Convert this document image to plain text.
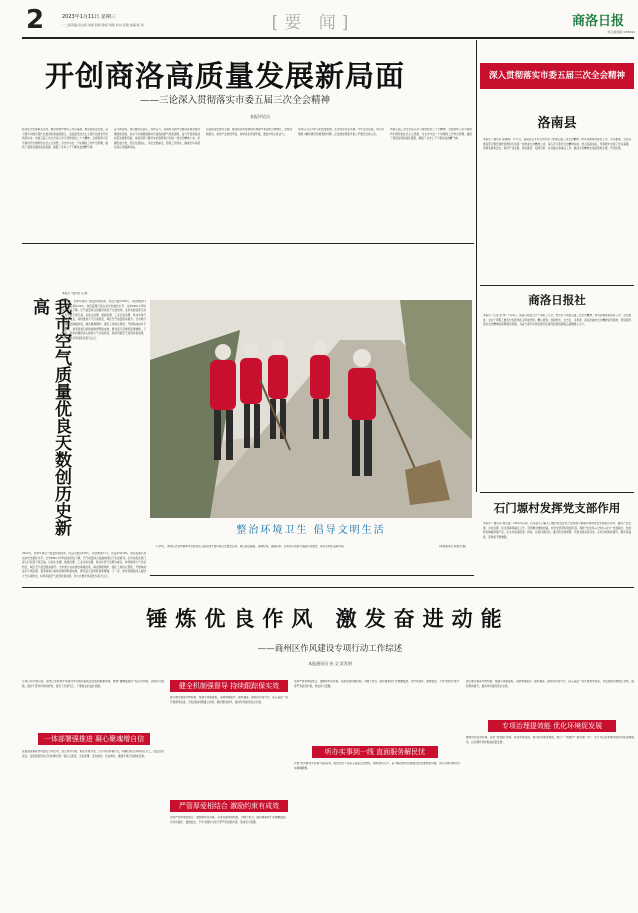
2	2023年1月11日 星期三
一二版责编:袁文莉 刘颖 版版:徐斌 刘颖 校对:张敏 美编:杨 雪	[要 闻]	商洛日报
综合新闻版:238092
开创商洛高质量发展新局面
——三论深入贯彻落实市委五届三次全会精神
本报评论员
经济社会发展事关全局，要坚持稳中求进工作总基调，推动高质量发展，奋力谱写中国式现代化建设的商洛新篇章，全面建设社会主义现代化国家开好局起好步。市委五届三次全会深入学习贯彻党的二十大精神，全面贯彻习近平新时代中国特色社会主义思想，对全市今后一个时期的工作作出部署，描绘了商洛发展的美好蓝图，提振了全市上下干事创业的精气神。
奋斗新征程，我们要坚定信心、保持定力，以新担当新作为推动各项决策部署落地见效，以实干实绩展现新时代商洛的新气象新面貌，奋力开创商洛高质量发展新局面。各级各部门要切实把思想和行动统一到全会精神上来，把握发展大势，坚定发展信心，突出发展重点，狠抓工作落实，确保全年各项目标任务圆满完成。
以高质量发展为主题，推动经济实现质的有效提升和量的合理增长，坚持创新驱动，加快产业转型升级，持续优化营商环境，激发市场主体活力。
坚持以人民为中心的发展思想，扎实办好民生实事，守牢安全底线，用心用情用力解决群众急难愁盼问题，让发展成果更多更公平惠及全体人民。
市委五届三次全会深入学习贯彻党的二十大精神，全面贯彻习近平新时代中国特色社会主义思想，对全市今后一个时期的工作作出部署，描绘了商洛发展的美好蓝图，提振了全市上下干事创业的精气神。
深入贯彻落实市委五届三次全会精神
洛南县
本报讯（通讯员 庞晓刚）1月7日，洛南县召开会议传达学习市委五届三次全会精神，研究部署贯彻落实工作。会议要求，全县各级各部门要迅速把思想和行动统一到市委全会精神上来，深入学习领会全会精神实质，结合洛南实际，坚持稳中求进工作总基调，统筹发展和安全，抓好产业发展、项目建设、招商引资、乡村振兴等重点工作，推动全会精神在洛南落地生根、开花结果。
商洛日报社
本报讯（记者 金 博）1月9日，商洛日报社召开干部职工大会，传达学习市委五届三次全会精神，研究部署贯彻落实工作。会议要求，全社干部职工要充分发挥党报主阵地作用，精心策划，创新形式，全方位、多角度、深层次做好全会精神宣传报道，营造贯彻落实全会精神的浓厚舆论氛围，为奋力谱写中国式现代化建设的商洛新篇章凝聚强大合力。
我市空气质量优良天数创历史新高
本报讯（通讯员 汪 航）
2022年，我市环境空气质量持续改善，优良天数达339天，同比增加11天，优良率92.9%，创有监测记录以来历史最好水平。全市PM2.5平均浓度同比下降，空气质量综合指数持续位于全省前列。全市各级各部门深入打好蓝天保卫战，以扬尘治理、散煤治理、工业污染治理、机动车尾气治理为重点，持续推进大气污染防治，城区空气质量稳步提升。全市累计完成清洁取暖改造，淘汰燃煤锅炉，强化工地扬尘管控，开展柴油货车专项治理，夏季臭氧污染防控取得明显成效，群众蓝天获得感显著增强。下一步，我市将继续深入推进大气污染防治，持续巩固空气质量改善成果，努力让群众享受更多蓝天白云。
2022年，我市环境空气质量持续改善，优良天数达339天，同比增加11天，优良率92.9%，创有监测记录以来历史最好水平。全市PM2.5平均浓度同比下降，空气质量综合指数持续位于全省前列。全市各级各部门深入打好蓝天保卫战，以扬尘治理、散煤治理、工业污染治理、机动车尾气治理为重点，持续推进大气污染防治，城区空气质量稳步提升。全市累计完成清洁取暖改造，淘汰燃煤锅炉，强化工地扬尘管控，开展柴油货车专项治理，夏季臭氧污染防控取得明显成效，群众蓝天获得感显著增强。下一步，我市将继续深入推进大气污染防治，持续巩固空气质量改善成果，努力让群众享受更多蓝天白云。
整治环境卫生 倡导文明生活
1月6日，商州区北宽坪镇青年志愿者在公路沿线开展环境卫生整治活动。他们清扫路面、清理垃圾、拔除杂草，以实际行动助力美丽乡村建设，倡导文明生活新风尚。	(本报通讯员 郭建文 摄)
石门塬村发挥党支部作用
本报讯（通讯员 韩立强）2022年以来，丹凤县石门镇石门塬村党支部充分发挥战斗堡垒作用和党员先锋模范作用，围绕产业发展、乡村治理、民生保障等重点工作，带领群众增收致富。村党支部坚持党建引领，探索“党支部+合作社+农户”发展模式，发展特色种植养殖产业，壮大村集体经济。同时，完善村规民约，推行积分制管理，开展文明家庭评选，乡风文明持续提升，群众幸福感、获得感不断增强。
锤炼优良作风 激发奋进动能
——商州区作风建设专项行动工作综述
本报通讯员 孙 文 雷发明
专项行动开展以来，商州区坚持把作风建设作为推动高质量发展的重要保障，聚焦“庸懒散慢浮”等突出问题，采取有力措施，推动干部作风持续好转，营造了风清气正、干事创业的良好氛围。
一体部署强推进 凝心聚魂增自信
区委高度重视作风建设专项行动，成立领导小组，制定实施方案，召开动员部署会议，明确目标任务和责任分工，层层压实责任。各级党组织书记切实履行第一责任人职责，亲自部署、亲自推动、亲自督办，确保专项行动落地见效。
健全机制强督导 持续跟踪保实效
建立健全督查考核机制，组建专项督查组，采取明察暗访、随机抽查、跟踪回访等方式，深入基层一线开展督导检查，对发现的问题建立台账，限时整改销号，推动作风建设常态长效。
严管厚爱相结合 激励约束有成效
坚持严管和厚爱结合、激励和约束并重，完善容错纠错机制，为敢于担当、踏实做事的干部撑腰鼓劲。对作风漂浮、推诿扯皮、不作为慢作为的干部严肃追责问责，形成有力震慑。
坚持严管和厚爱结合、激励和约束并重，完善容错纠错机制，为敢于担当、踏实做事的干部撑腰鼓劲。对作风漂浮、推诿扯皮、不作为慢作为的干部严肃追责问责，形成有力震慑。
听办实事到一线 直面服务解民忧
开展“我为群众办实事”实践活动，组织党员干部深入基层走访群众，倾听群众心声，着力解决群众反映强烈的急难愁盼问题，用心用情为群众办实事解难题。
建立健全督查考核机制，组建专项督查组，采取明察暗访、随机抽查、跟踪回访等方式，深入基层一线开展督导检查，对发现的问题建立台账，限时整改销号，推动作风建设常态长效。
专项治理提效能 优化环境促发展
聚焦优化营商环境，深化“放管服”改革，简化审批流程，提升政务服务效能，推行“一网通办”“最多跑一次”，全力为企业和群众提供优质高效服务，以过硬作风护航高质量发展。
